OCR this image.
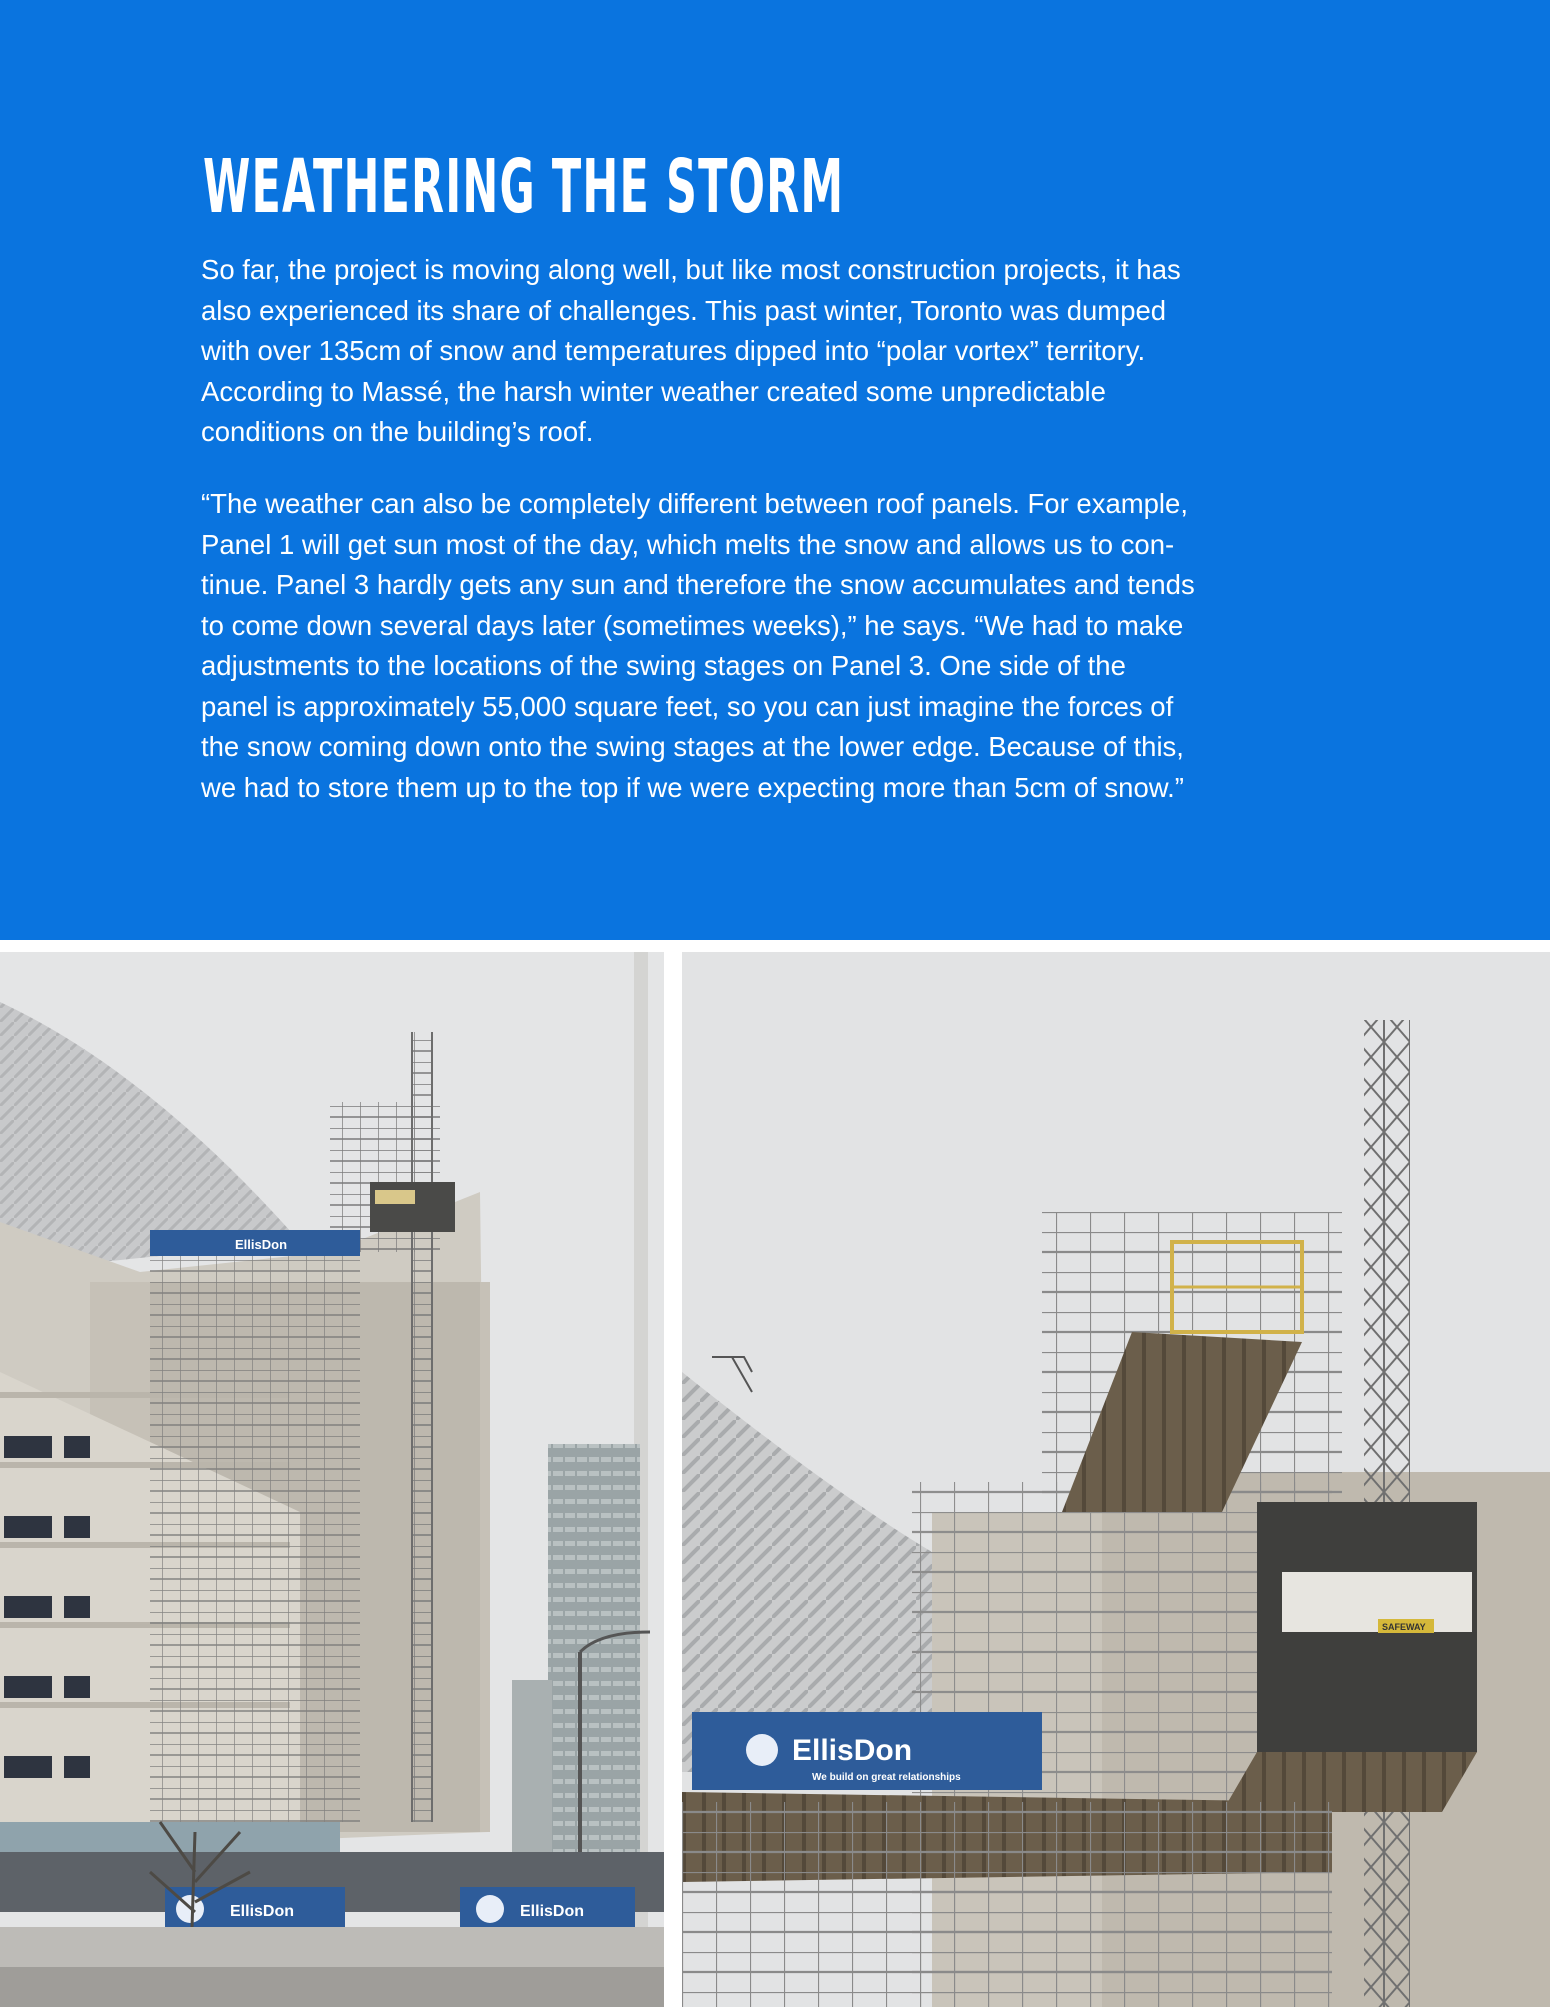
WEATHERING THE STORM

So far, the project is moving along well, but like most construction projects, it has
also experienced its share of challenges. This past winter, Toronto was dumped
with over 135cm of snow and temperatures dipped into “polar vortex” territory.
According to Massé, the harsh winter weather created some unpredictable
conditions on the building’s roof.

“The weather can also be completely different between roof panels. For example,
Panel 1 will get sun most of the day, which melts the snow and allows us to con-
tinue. Panel 3 hardly gets any sun and therefore the snow accumulates and tends
to come down several days later (sometimes weeks),” he says. “We had to make
adjustments to the locations of the swing stages on Panel 3. One side of the
panel is approximately 55,000 square feet, so you can just imagine the forces of
the snow coming down onto the swing stages at the lower edge. Because of this,
we had to store them up to the top if we were expecting more than 5cm of snow.”

EllisDon
EllisDon	EllisDon
SAFEWAY
EllisDon
We build on great relationships
